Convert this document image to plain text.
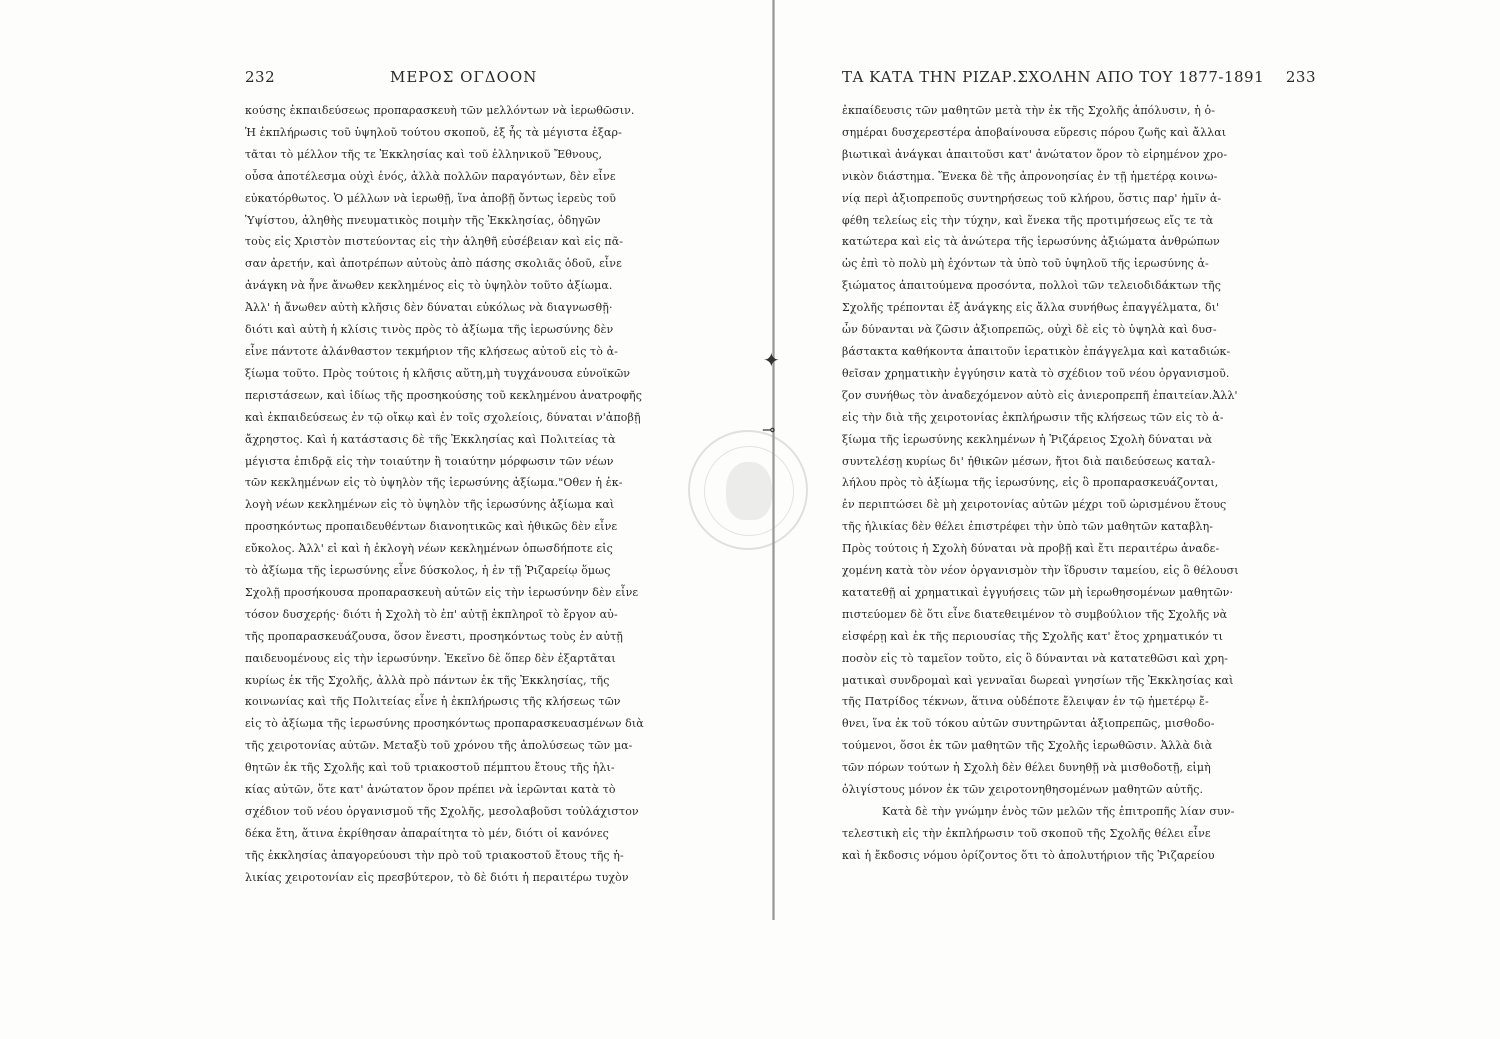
✦
⊸
232	ΜΕΡΟΣ ΟΓΔΟΟΝ

κούσης ἐκπαιδεύσεως προπαρασκευὴ τῶν μελλόντων νὰ ἱερωθῶσιν.

Ἡ ἐκπλήρωσις τοῦ ὑψηλοῦ τούτου σκοποῦ, ἐξ ἧς τὰ μέγιστα ἐξαρ-

τᾶται τὸ μέλλον τῆς τε Ἐκκλησίας καὶ τοῦ ἑλληνικοῦ Ἔθνους,

οὖσα ἀποτέλεσμα οὐχὶ ἑνός, ἀλλὰ πολλῶν παραγόντων, δὲν εἶνε

εὐκατόρθωτος. Ὁ μέλλων νὰ ἱερωθῇ, ἵνα ἀποβῇ ὄντως ἱερεὺς τοῦ

Ὑψίστου, ἀληθὴς πνευματικὸς ποιμὴν τῆς Ἐκκλησίας, ὁδηγῶν

τοὺς εἰς Χριστὸν πιστεύοντας εἰς τὴν ἀληθῆ εὐσέβειαν καὶ εἰς πᾶ-

σαν ἀρετήν, καὶ ἀποτρέπων αὐτοὺς ἀπὸ πάσης σκολιᾶς ὁδοῦ, εἶνε

ἀνάγκη νὰ ἦνε ἄνωθεν κεκλημένος εἰς τὸ ὑψηλὸν τοῦτο ἀξίωμα.

Ἀλλ' ἡ ἄνωθεν αὐτὴ κλῆσις δὲν δύναται εὐκόλως νὰ διαγνωσθῇ·

διότι καὶ αὐτὴ ἡ κλίσις τινὸς πρὸς τὸ ἀξίωμα τῆς ἱερωσύνης δὲν

εἶνε πάντοτε ἀλάνθαστον τεκμήριον τῆς κλήσεως αὐτοῦ εἰς τὸ ἀ-

ξίωμα τοῦτο. Πρὸς τούτοις ἡ κλῆσις αὕτη,μὴ τυγχάνουσα εὐνοϊκῶν

περιστάσεων, καὶ ἰδίως τῆς προσηκούσης τοῦ κεκλημένου ἀνατροφῆς

καὶ ἐκπαιδεύσεως ἐν τῷ οἴκῳ καὶ ἐν τοῖς σχολείοις, δύναται ν'ἀποβῇ

ἄχρηστος. Καὶ ἡ κατάστασις δὲ τῆς Ἐκκλησίας καὶ Πολιτείας τὰ

μέγιστα ἐπιδρᾷ εἰς τὴν τοιαύτην ἢ τοιαύτην μόρφωσιν τῶν νέων

τῶν κεκλημένων εἰς τὸ ὑψηλὸν τῆς ἱερωσύνης ἀξίωμα."Οθεν ἡ ἐκ-

λογὴ νέων κεκλημένων εἰς τὸ ὑψηλὸν τῆς ἱερωσύνης ἀξίωμα καὶ

προσηκόντως προπαιδευθέντων διανοητικῶς καὶ ἠθικῶς δὲν εἶνε

εὔκολος. Ἀλλ' εἰ καὶ ἡ ἐκλογὴ νέων κεκλημένων ὁπωσδήποτε εἰς

τὸ ἀξίωμα τῆς ἱερωσύνης εἶνε δύσκολος, ἡ ἐν τῇ Ῥιζαρείῳ ὅμως

Σχολῇ προσήκουσα προπαρασκευὴ αὐτῶν εἰς τὴν ἱερωσύνην δὲν εἶνε

τόσον δυσχερής· διότι ἡ Σχολὴ τὸ ἐπ' αὐτῇ ἐκπληροῖ τὸ ἔργον αὐ-

τῆς προπαρασκευάζουσα, ὅσον ἔνεστι, προσηκόντως τοὺς ἐν αὐτῇ

παιδευομένους εἰς τὴν ἱερωσύνην. Ἐκεῖνο δὲ ὅπερ δὲν ἐξαρτᾶται

κυρίως ἐκ τῆς Σχολῆς, ἀλλὰ πρὸ πάντων ἐκ τῆς Ἐκκλησίας, τῆς

κοινωνίας καὶ τῆς Πολιτείας εἶνε ἡ ἐκπλήρωσις τῆς κλήσεως τῶν

εἰς τὸ ἀξίωμα τῆς ἱερωσύνης προσηκόντως προπαρασκευασμένων διὰ

τῆς χειροτονίας αὐτῶν. Μεταξὺ τοῦ χρόνου τῆς ἀπολύσεως τῶν μα-

θητῶν ἐκ τῆς Σχολῆς καὶ τοῦ τριακοστοῦ πέμπτου ἔτους τῆς ἡλι-

κίας αὐτῶν, ὅτε κατ' ἀνώτατον ὅρον πρέπει νὰ ἱερῶνται κατὰ τὸ

σχέδιον τοῦ νέου ὀργανισμοῦ τῆς Σχολῆς, μεσολαβοῦσι τοὐλάχιστον

δέκα ἔτη, ἅτινα ἐκρίθησαν ἀπαραίτητα τὸ μέν, διότι οἱ κανόνες

τῆς ἐκκλησίας ἀπαγορεύουσι τὴν πρὸ τοῦ τριακοστοῦ ἔτους τῆς ἡ-

λικίας χειροτονίαν εἰς πρεσβύτερον, τὸ δὲ διότι ἡ περαιτέρω τυχὸν

ΤΑ ΚΑΤΑ ΤΗΝ ΡΙΖΑΡ.ΣΧΟΛΗΝ ΑΠΟ ΤΟΥ 1877-1891 233

ἐκπαίδευσις τῶν μαθητῶν μετὰ τὴν ἐκ τῆς Σχολῆς ἀπόλυσιν, ἡ ὁ-

σημέραι δυσχερεστέρα ἀποβαίνουσα εὕρεσις πόρου ζωῆς καὶ ἄλλαι

βιωτικαὶ ἀνάγκαι ἀπαιτοῦσι κατ' ἀνώτατον ὅρον τὸ εἰρημένον χρο-

νικὸν διάστημα. Ἕνεκα δὲ τῆς ἀπρονοησίας ἐν τῇ ἡμετέρᾳ κοινω-

νίᾳ περὶ ἀξιοπρεποῦς συντηρήσεως τοῦ κλήρου, ὅστις παρ' ἡμῖν ἀ-

φέθη τελείως εἰς τὴν τύχην, καὶ ἕνεκα τῆς προτιμήσεως εἴς τε τὰ

κατώτερα καὶ εἰς τὰ ἀνώτερα τῆς ἱερωσύνης ἀξιώματα ἀνθρώπων

ὡς ἐπὶ τὸ πολὺ μὴ ἐχόντων τὰ ὑπὸ τοῦ ὑψηλοῦ τῆς ἱερωσύνης ἀ-

ξιώματος ἀπαιτούμενα προσόντα, πολλοὶ τῶν τελειοδιδάκτων τῆς

Σχολῆς τρέπονται ἐξ ἀνάγκης εἰς ἄλλα συνήθως ἐπαγγέλματα, δι'

ὧν δύνανται νὰ ζῶσιν ἀξιοπρεπῶς, οὐχὶ δὲ εἰς τὸ ὑψηλὰ καὶ δυσ-

βάστακτα καθήκοντα ἀπαιτοῦν ἱερατικὸν ἐπάγγελμα καὶ καταδιώκ-

θεῖσαν χρηματικὴν ἐγγύησιν κατὰ τὸ σχέδιον τοῦ νέου ὀργανισμοῦ.

ζον συνήθως τὸν ἀναδεχόμενον αὐτὸ εἰς ἀνιεροπρεπῆ ἐπαιτείαν.Ἀλλ'

εἰς τὴν διὰ τῆς χειροτονίας ἐκπλήρωσιν τῆς κλήσεως τῶν εἰς τὸ ἀ-

ξίωμα τῆς ἱερωσύνης κεκλημένων ἡ Ῥιζάρειος Σχολὴ δύναται νὰ

συντελέσῃ κυρίως δι' ἠθικῶν μέσων, ἤτοι διὰ παιδεύσεως καταλ-

λήλου πρὸς τὸ ἀξίωμα τῆς ἱερωσύνης, εἰς ὃ προπαρασκευάζονται,

ἐν περιπτώσει δὲ μὴ χειροτονίας αὐτῶν μέχρι τοῦ ὡρισμένου ἔτους

τῆς ἡλικίας δὲν θέλει ἐπιστρέφει τὴν ὑπὸ τῶν μαθητῶν καταβλη-

Πρὸς τούτοις ἡ Σχολὴ δύναται νὰ προβῇ καὶ ἔτι περαιτέρω ἀναδε-

χομένη κατὰ τὸν νέον ὀργανισμὸν τὴν ἵδρυσιν ταμείου, εἰς ὃ θέλουσι

κατατεθῇ αἱ χρηματικαὶ ἐγγυήσεις τῶν μὴ ἱερωθησομένων μαθητῶν·

πιστεύομεν δὲ ὅτι εἶνε διατεθειμένον τὸ συμβούλιον τῆς Σχολῆς νὰ

εἰσφέρῃ καὶ ἐκ τῆς περιουσίας τῆς Σχολῆς κατ' ἔτος χρηματικόν τι

ποσὸν εἰς τὸ ταμεῖον τοῦτο, εἰς ὃ δύνανται νὰ κατατεθῶσι καὶ χρη-

ματικαὶ συνδρομαὶ καὶ γενναῖαι δωρεαὶ γνησίων τῆς Ἐκκλησίας καὶ

τῆς Πατρίδος τέκνων, ἅτινα οὐδέποτε ἔλειψαν ἐν τῷ ἡμετέρῳ ἔ-

θνει, ἵνα ἐκ τοῦ τόκου αὐτῶν συντηρῶνται ἀξιοπρεπῶς, μισθοδο-

τούμενοι, ὅσοι ἐκ τῶν μαθητῶν τῆς Σχολῆς ἱερωθῶσιν. Ἀλλὰ διὰ

τῶν πόρων τούτων ἡ Σχολὴ δὲν θέλει δυνηθῇ νὰ μισθοδοτῇ, εἰμὴ

ὀλιγίστους μόνον ἐκ τῶν χειροτονηθησομένων μαθητῶν αὐτῆς.

Κατὰ δὲ τὴν γνώμην ἑνὸς τῶν μελῶν τῆς ἐπιτροπῆς λίαν συν-

τελεστικὴ εἰς τὴν ἐκπλήρωσιν τοῦ σκοποῦ τῆς Σχολῆς θέλει εἶνε

καὶ ἡ ἔκδοσις νόμου ὁρίζοντος ὅτι τὸ ἀπολυτήριον τῆς Ῥιζαρείου
